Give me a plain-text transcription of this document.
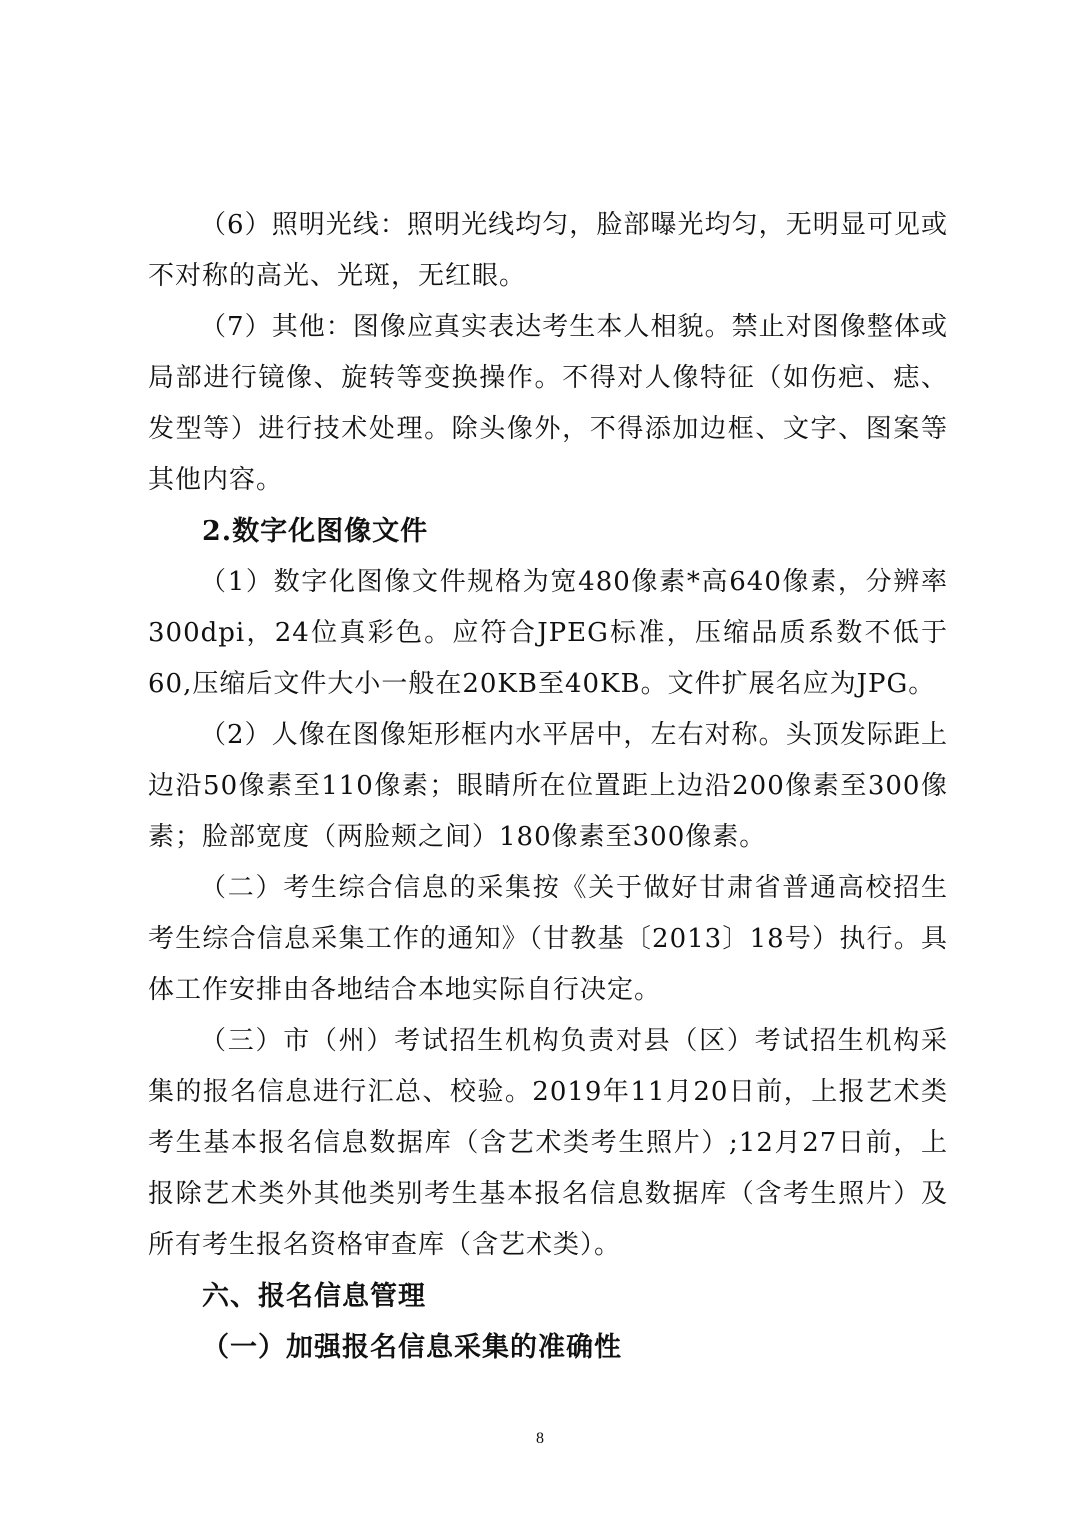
（6）照明光线：照明光线均匀，脸部曝光均匀，无明显可见或不对称的高光、光斑，无红眼。

（7）其他：图像应真实表达考生本人相貌。禁止对图像整体或局部进行镜像、旋转等变换操作。不得对人像特征（如伤疤、痣、发型等）进行技术处理。除头像外，不得添加边框、文字、图案等其他内容。

2.数字化图像文件

（1）数字化图像文件规格为宽480像素*高640像素，分辨率300dpi，24位真彩色。应符合JPEG标准，压缩品质系数不低于60,压缩后文件大小一般在20KB至40KB。文件扩展名应为JPG。

（2）人像在图像矩形框内水平居中，左右对称。头顶发际距上边沿50像素至110像素；眼睛所在位置距上边沿200像素至300像素；脸部宽度（两脸颊之间）180像素至300像素。

（二）考生综合信息的采集按《关于做好甘肃省普通高校招生考生综合信息采集工作的通知》（甘教基〔2013〕18号）执行。具体工作安排由各地结合本地实际自行决定。

（三）市（州）考试招生机构负责对县（区）考试招生机构采集的报名信息进行汇总、校验。2019年11月20日前，上报艺术类考生基本报名信息数据库（含艺术类考生照片）;12月27日前，上报除艺术类外其他类别考生基本报名信息数据库（含考生照片）及所有考生报名资格审查库（含艺术类）。

六、报名信息管理

（一）加强报名信息采集的准确性

8
